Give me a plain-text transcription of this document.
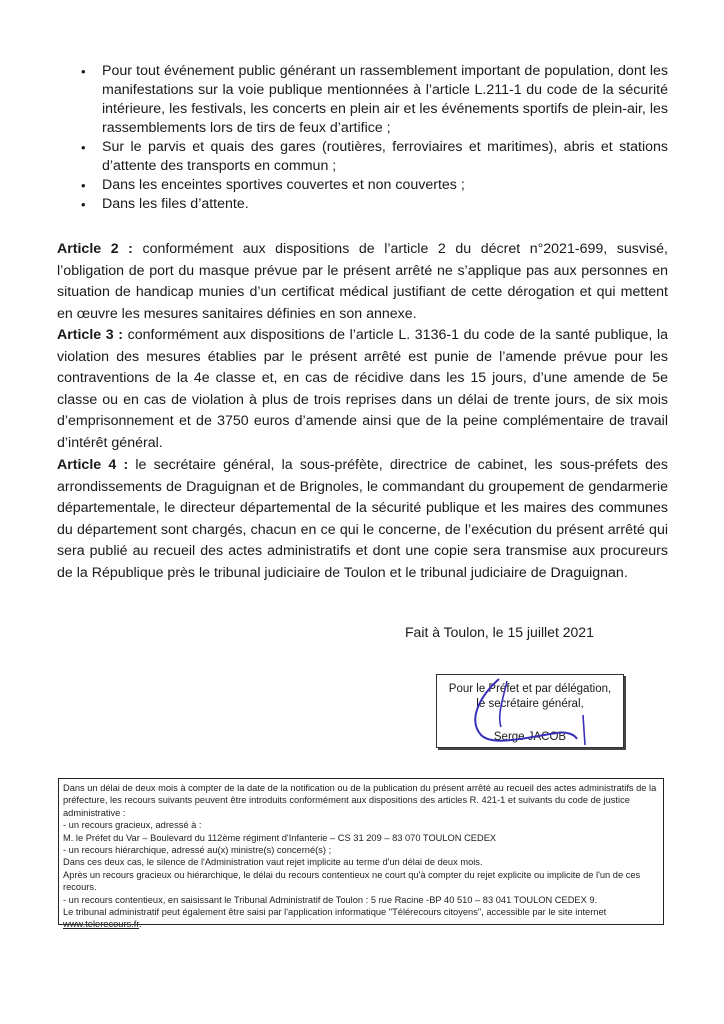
• Pour tout événement public générant un rassemblement important de population, dont les manifestations sur la voie publique mentionnées à l’article L.211-1 du code de la sécurité intérieure, les festivals, les concerts en plein air et les événements sportifs de plein-air, les rassemblements lors de tirs de feux d’artifice ;
• Sur le parvis et quais des gares (routières, ferroviaires et maritimes), abris et stations d’attente des transports en commun ;
• Dans les enceintes sportives couvertes et non couvertes ;
• Dans les files d’attente.

Article 2 : conformément aux dispositions de l’article 2 du décret n°2021-699, susvisé, l’obligation de port du masque prévue par le présent arrêté ne s’applique pas aux personnes en situation de handicap munies d’un certificat médical justifiant de cette dérogation et qui mettent en œuvre les mesures sanitaires définies en son annexe.

Article 3 : conformément aux dispositions de l’article L. 3136-1 du code de la santé publique, la violation des mesures établies par le présent arrêté est punie de l’amende prévue pour les contraventions de la 4e classe et, en cas de récidive dans les 15 jours, d’une amende de 5e classe ou en cas de violation à plus de trois reprises dans un délai de trente jours, de six mois d’emprisonnement et de 3750 euros d’amende ainsi que de la peine complémentaire de travail d’intérêt général.

Article 4 : le secrétaire général, la sous-préfète, directrice de cabinet, les sous-préfets des arrondissements de Draguignan et de Brignoles, le commandant du groupement de gendarmerie départementale, le directeur départemental de la sécurité publique et les maires des communes du département sont chargés, chacun en ce qui le concerne, de l’exécution du présent arrêté qui sera publié au recueil des actes administratifs et dont une copie sera transmise aux procureurs de la République près le tribunal judiciaire de Toulon et le tribunal judiciaire de Draguignan.

Fait à Toulon, le 15 juillet 2021
Pour le Préfet et par délégation,
le secrétaire général,
Serge JACOB

Dans un délai de deux mois à compter de la date de la notification ou de la publication du présent arrêté au recueil des actes administratifs de la préfecture, les recours suivants peuvent être introduits conformément aux dispositions des articles R. 421-1 et suivants du code de justice administrative :

- un recours gracieux, adressé à :

M. le Préfet du Var – Boulevard du 112ème régiment d'Infanterie – CS 31 209 – 83 070 TOULON CEDEX

- un recours hiérarchique, adressé au(x) ministre(s) concerné(s) ;

Dans ces deux cas, le silence de l'Administration vaut rejet implicite au terme d'un délai de deux mois.

Après un recours gracieux ou hiérarchique, le délai du recours contentieux ne court qu'à compter du rejet explicite ou implicite de l'un de ces recours.

- un recours contentieux, en saisissant le Tribunal Administratif de Toulon : 5 rue Racine -BP 40 510 – 83 041 TOULON CEDEX 9.

Le tribunal administratif peut également être saisi par l'application informatique "Télérecours citoyens", accessible par le site internet www.telerecours.fr.
